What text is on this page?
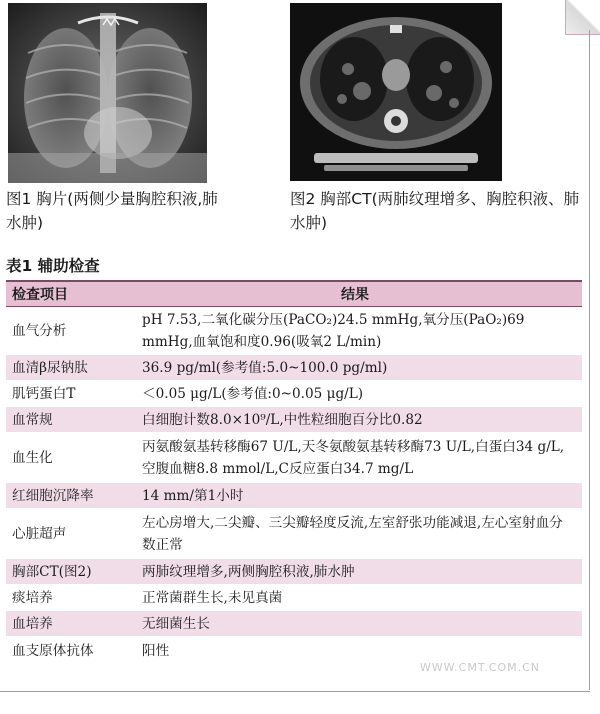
图1 胸片(两侧少量胸腔积液,肺水肿)
图2 胸部CT(两肺纹理增多、胸腔积液、肺水肿)
表1 辅助检查
检查项目	结果
血气分析	pH 7.53,二氧化碳分压(PaCO₂)24.5 mmHg,氧分压(PaO₂)69 mmHg,血氧饱和度0.96(吸氧2 L/min)
血清β尿钠肽	36.9 pg/ml(参考值:5.0~100.0 pg/ml)
肌钙蛋白T	＜0.05 μg/L(参考值:0~0.05 μg/L)
血常规	白细胞计数8.0×10⁹/L,中性粒细胞百分比0.82
血生化	丙氨酸氨基转移酶67 U/L,天冬氨酸氨基转移酶73 U/L,白蛋白34 g/L,空腹血糖8.8 mmol/L,C反应蛋白34.7 mg/L
红细胞沉降率	14 mm/第1小时
心脏超声	左心房增大,二尖瓣、三尖瓣轻度反流,左室舒张功能减退,左心室射血分数正常
胸部CT(图2)	两肺纹理增多,两侧胸腔积液,肺水肿
痰培养	正常菌群生长,未见真菌
血培养	无细菌生长
血支原体抗体	阳性
WWW.CMT.COM.CN
